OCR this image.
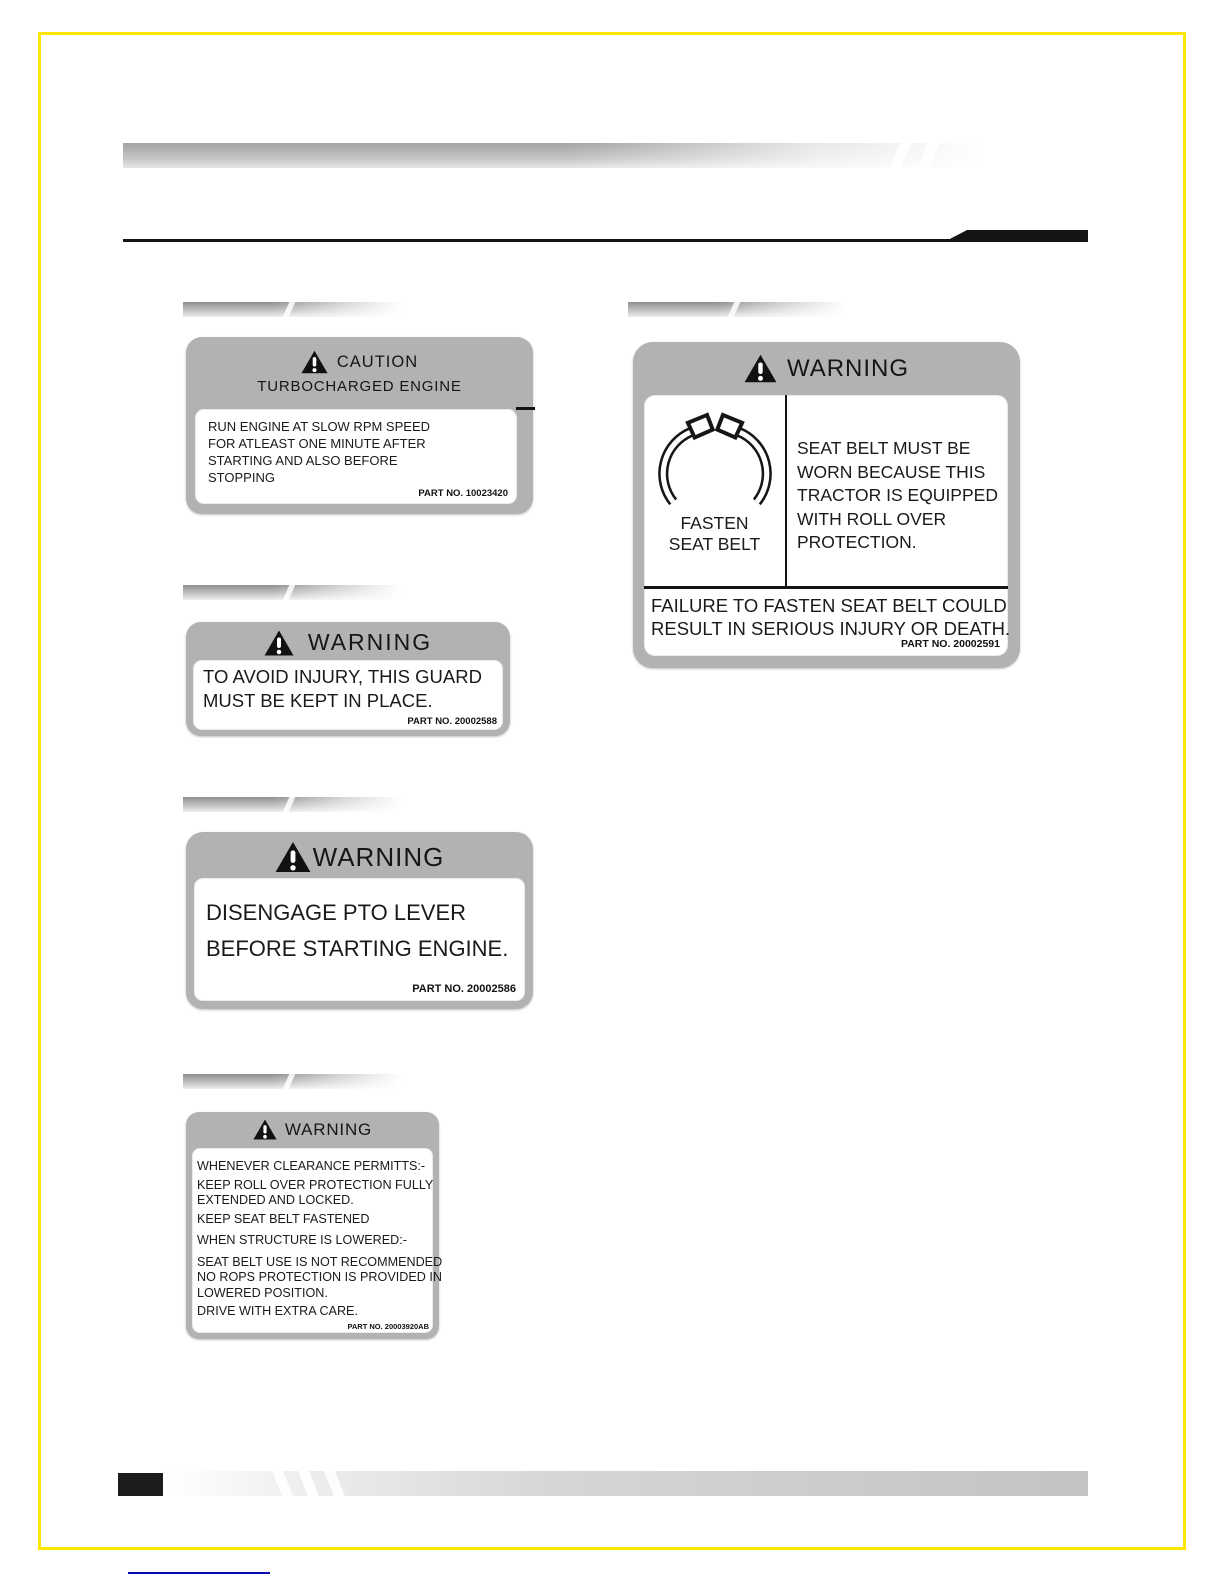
CAUTION
TURBOCHARGED ENGINE
RUN ENGINE AT SLOW RPM SPEED
FOR ATLEAST ONE MINUTE AFTER
STARTING AND ALSO BEFORE
STOPPING
PART NO. 10023420
WARNING
FASTEN
SEAT BELT
SEAT BELT MUST BE
WORN BECAUSE THIS
TRACTOR IS EQUIPPED
WITH ROLL OVER
PROTECTION.
FAILURE TO FASTEN SEAT BELT COULD
RESULT IN SERIOUS INJURY OR DEATH.
PART NO. 20002591
WARNING
TO AVOID INJURY, THIS GUARD
MUST BE KEPT IN PLACE.
PART NO. 20002588
WARNING
DISENGAGE PTO LEVER
BEFORE STARTING ENGINE.
PART NO. 20002586
WARNING
WHENEVER CLEARANCE PERMITTS:-
KEEP ROLL OVER PROTECTION FULLY
EXTENDED AND LOCKED.
KEEP SEAT BELT FASTENED
WHEN STRUCTURE IS LOWERED:-
SEAT BELT USE IS NOT RECOMMENDED
NO ROPS PROTECTION IS PROVIDED IN
LOWERED POSITION.
DRIVE WITH EXTRA CARE.
PART NO. 20003920AB
